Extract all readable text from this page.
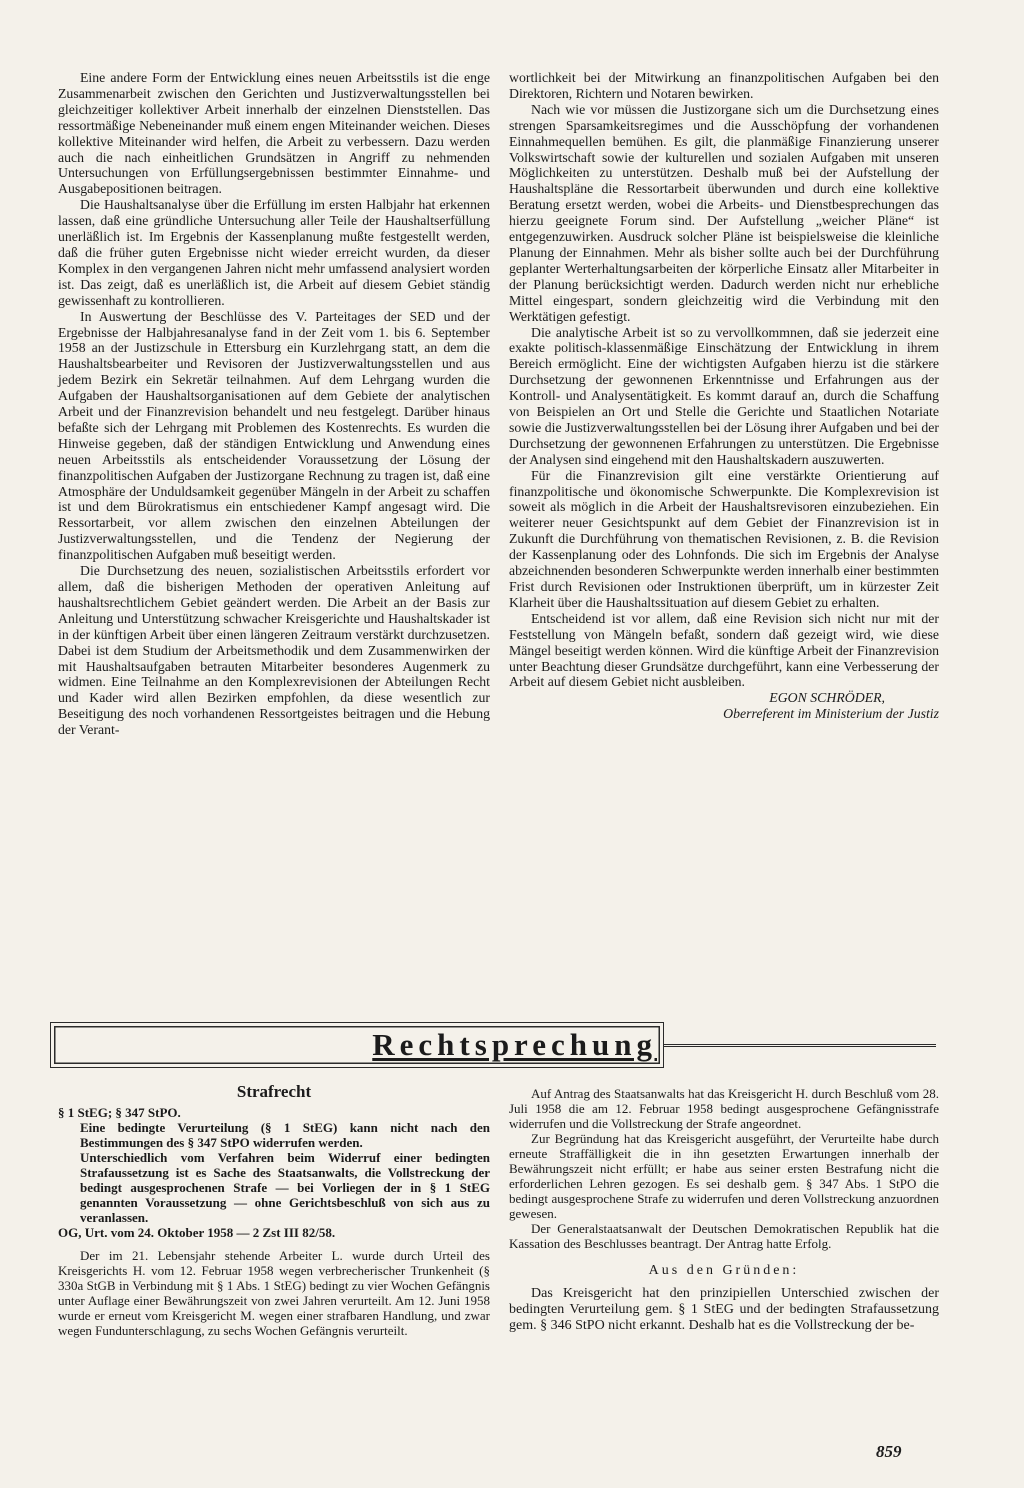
Eine andere Form der Entwicklung eines neuen Arbeitsstils ist die enge Zusammenarbeit zwischen den Gerichten und Justizverwaltungsstellen bei gleichzeitiger kollektiver Arbeit innerhalb der einzelnen Dienststellen. Das ressortmäßige Nebeneinander muß einem engen Miteinander weichen. Dieses kollektive Miteinander wird helfen, die Arbeit zu verbessern. Dazu werden auch die nach einheitlichen Grundsätzen in Angriff zu nehmenden Untersuchungen von Erfüllungsergebnissen bestimmter Einnahme- und Ausgabepositionen beitragen.

Die Haushaltsanalyse über die Erfüllung im ersten Halbjahr hat erkennen lassen, daß eine gründliche Untersuchung aller Teile der Haushaltserfüllung unerläßlich ist. Im Ergebnis der Kassenplanung mußte festgestellt werden, daß die früher guten Ergebnisse nicht wieder erreicht wurden, da dieser Komplex in den vergangenen Jahren nicht mehr umfassend analysiert worden ist. Das zeigt, daß es unerläßlich ist, die Arbeit auf diesem Gebiet ständig gewissenhaft zu kontrollieren.

In Auswertung der Beschlüsse des V. Parteitages der SED und der Ergebnisse der Halbjahresanalyse fand in der Zeit vom 1. bis 6. September 1958 an der Justizschule in Ettersburg ein Kurzlehrgang statt, an dem die Haushaltsbearbeiter und Revisoren der Justizverwaltungsstellen und aus jedem Bezirk ein Sekretär teilnahmen. Auf dem Lehrgang wurden die Aufgaben der Haushaltsorganisationen auf dem Gebiete der analytischen Arbeit und der Finanzrevision behandelt und neu festgelegt. Darüber hinaus befaßte sich der Lehrgang mit Problemen des Kostenrechts. Es wurden die Hinweise gegeben, daß der ständigen Entwicklung und Anwendung eines neuen Arbeitsstils als entscheidender Voraussetzung der Lösung der finanzpolitischen Aufgaben der Justizorgane Rechnung zu tragen ist, daß eine Atmosphäre der Unduldsamkeit gegenüber Mängeln in der Arbeit zu schaffen ist und dem Bürokratismus ein entschiedener Kampf angesagt wird. Die Ressortarbeit, vor allem zwischen den einzelnen Abteilungen der Justizverwaltungsstellen, und die Tendenz der Negierung der finanzpolitischen Aufgaben muß beseitigt werden.

Die Durchsetzung des neuen, sozialistischen Arbeitsstils erfordert vor allem, daß die bisherigen Methoden der operativen Anleitung auf haushaltsrechtlichem Gebiet geändert werden. Die Arbeit an der Basis zur Anleitung und Unterstützung schwacher Kreisgerichte und Haushaltskader ist in der künftigen Arbeit über einen längeren Zeitraum verstärkt durchzusetzen. Dabei ist dem Studium der Arbeitsmethodik und dem Zusammenwirken der mit Haushaltsaufgaben betrauten Mitarbeiter besonderes Augenmerk zu widmen. Eine Teilnahme an den Komplexrevisionen der Abteilungen Recht und Kader wird allen Bezirken empfohlen, da diese wesentlich zur Beseitigung des noch vorhandenen Ressortgeistes beitragen und die Hebung der Verant-

wortlichkeit bei der Mitwirkung an finanzpolitischen Aufgaben bei den Direktoren, Richtern und Notaren bewirken.

Nach wie vor müssen die Justizorgane sich um die Durchsetzung eines strengen Sparsamkeitsregimes und die Ausschöpfung der vorhandenen Einnahmequellen bemühen. Es gilt, die planmäßige Finanzierung unserer Volkswirtschaft sowie der kulturellen und sozialen Aufgaben mit unseren Möglichkeiten zu unterstützen. Deshalb muß bei der Aufstellung der Haushaltspläne die Ressortarbeit überwunden und durch eine kollektive Beratung ersetzt werden, wobei die Arbeits- und Dienstbesprechungen das hierzu geeignete Forum sind. Der Aufstellung „weicher Pläne“ ist entgegenzuwirken. Ausdruck solcher Pläne ist beispielsweise die kleinliche Planung der Einnahmen. Mehr als bisher sollte auch bei der Durchführung geplanter Werterhaltungsarbeiten der körperliche Einsatz aller Mitarbeiter in der Planung berücksichtigt werden. Dadurch werden nicht nur erhebliche Mittel eingespart, sondern gleichzeitig wird die Verbindung mit den Werktätigen gefestigt.

Die analytische Arbeit ist so zu vervollkommnen, daß sie jederzeit eine exakte politisch-klassenmäßige Einschätzung der Entwicklung in ihrem Bereich ermöglicht. Eine der wichtigsten Aufgaben hierzu ist die stärkere Durchsetzung der gewonnenen Erkenntnisse und Erfahrungen aus der Kontroll- und Analysentätigkeit. Es kommt darauf an, durch die Schaffung von Beispielen an Ort und Stelle die Gerichte und Staatlichen Notariate sowie die Justizverwaltungsstellen bei der Lösung ihrer Aufgaben und bei der Durchsetzung der gewonnenen Erfahrungen zu unterstützen. Die Ergebnisse der Analysen sind eingehend mit den Haushaltskadern auszuwerten.

Für die Finanzrevision gilt eine verstärkte Orientierung auf finanzpolitische und ökonomische Schwerpunkte. Die Komplexrevision ist soweit als möglich in die Arbeit der Haushaltsrevisoren einzubeziehen. Ein weiterer neuer Gesichtspunkt auf dem Gebiet der Finanzrevision ist in Zukunft die Durchführung von thematischen Revisionen, z. B. die Revision der Kassenplanung oder des Lohnfonds. Die sich im Ergebnis der Analyse abzeichnenden besonderen Schwerpunkte werden innerhalb einer bestimmten Frist durch Revisionen oder Instruktionen überprüft, um in kürzester Zeit Klarheit über die Haushaltssituation auf diesem Gebiet zu erhalten.

Entscheidend ist vor allem, daß eine Revision sich nicht nur mit der Feststellung von Mängeln befaßt, sondern daß gezeigt wird, wie diese Mängel beseitigt werden können. Wird die künftige Arbeit der Finanzrevision unter Beachtung dieser Grundsätze durchgeführt, kann eine Verbesserung der Arbeit auf diesem Gebiet nicht ausbleiben.

EGON SCHRÖDER,
Oberreferent im Ministerium der Justiz
Rechtsprechung
Strafrecht

§ 1 StEG; § 347 StPO.

Eine bedingte Verurteilung (§ 1 StEG) kann nicht nach den Bestimmungen des § 347 StPO widerrufen werden.

Unterschiedlich vom Verfahren beim Widerruf einer bedingten Strafaussetzung ist es Sache des Staatsanwalts, die Vollstreckung der bedingt ausgesprochenen Strafe — bei Vorliegen der in § 1 StEG genannten Voraussetzung — ohne Gerichtsbeschluß von sich aus zu veranlassen.

OG, Urt. vom 24. Oktober 1958 — 2 Zst III 82/58.

Der im 21. Lebensjahr stehende Arbeiter L. wurde durch Urteil des Kreisgerichts H. vom 12. Februar 1958 wegen verbrecherischer Trunkenheit (§ 330a StGB in Verbindung mit § 1 Abs. 1 StEG) bedingt zu vier Wochen Gefängnis unter Auflage einer Bewährungszeit von zwei Jahren verurteilt. Am 12. Juni 1958 wurde er erneut vom Kreisgericht M. wegen einer strafbaren Handlung, und zwar wegen Fundunterschlagung, zu sechs Wochen Gefängnis verurteilt.

Auf Antrag des Staatsanwalts hat das Kreisgericht H. durch Beschluß vom 28. Juli 1958 die am 12. Februar 1958 bedingt ausgesprochene Gefängnisstrafe widerrufen und die Vollstreckung der Strafe angeordnet.

Zur Begründung hat das Kreisgericht ausgeführt, der Verurteilte habe durch erneute Straffälligkeit die in ihn gesetzten Erwartungen innerhalb der Bewährungszeit nicht erfüllt; er habe aus seiner ersten Bestrafung nicht die erforderlichen Lehren gezogen. Es sei deshalb gem. § 347 Abs. 1 StPO die bedingt ausgesprochene Strafe zu widerrufen und deren Vollstreckung anzuordnen gewesen.

Der Generalstaatsanwalt der Deutschen Demokratischen Republik hat die Kassation des Beschlusses beantragt. Der Antrag hatte Erfolg.

Aus den Gründen:

Das Kreisgericht hat den prinzipiellen Unterschied zwischen der bedingten Verurteilung gem. § 1 StEG und der bedingten Strafaussetzung gem. § 346 StPO nicht erkannt. Deshalb hat es die Vollstreckung der be-

859
